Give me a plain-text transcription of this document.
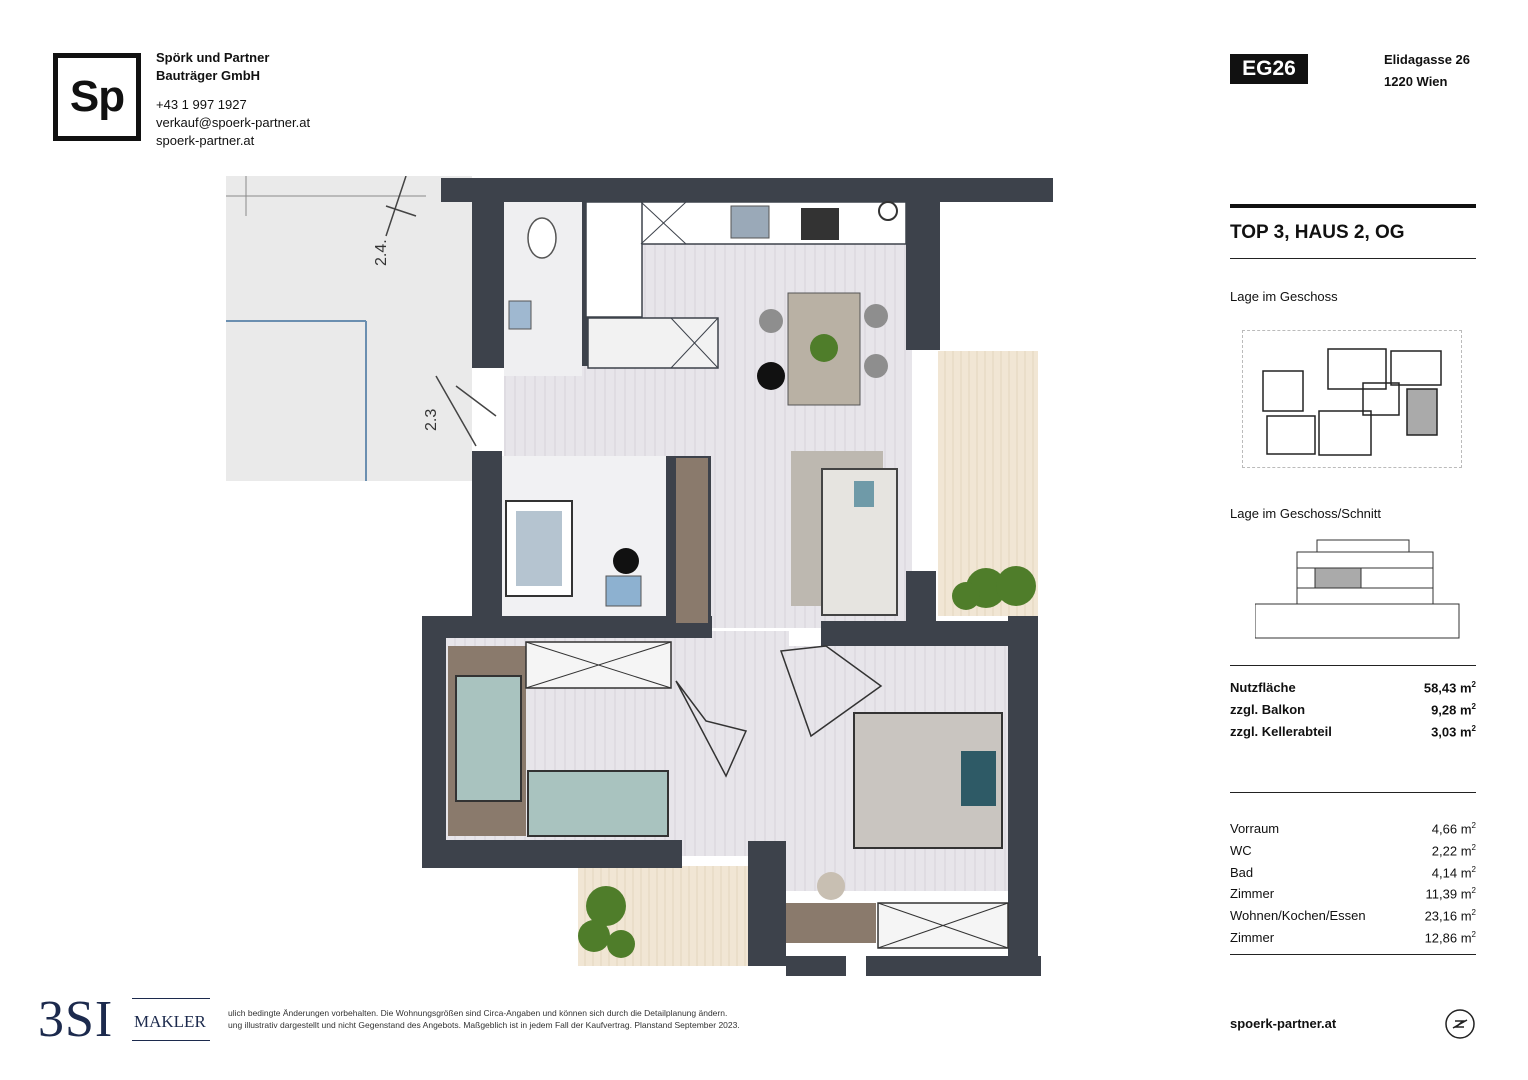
Sp
Spörk und Partner
Bauträger GmbH
+43 1 997 1927
verkauf@spoerk-partner.at
spoerk-partner.at
EG26	Elidagasse 26
1220 Wien
2.4.
2.3
TOP 3, HAUS 2, OG
Lage im Geschoss
Lage im Geschoss/Schnitt
Nutzfläche	58,43 $m^2$
zzgl. Balkon	9,28 $m^2$
zzgl. Kellerabteil	3,03 $m^2$
Vorraum	4,66 $m^2$
WC	2,22 $m^2$
Bad	4,14 $m^2$
Zimmer	11,39 $m^2$
Wohnen/Kochen/Essen	23,16 $m^2$
Zimmer	12,86 $m^2$
spoerk-partner.at
3SI MAKLER	ulich bedingte Änderungen vorbehalten. Die Wohnungsgrößen sind Circa-Angaben und können sich durch die Detailplanung ändern.
ung illustrativ dargestellt und nicht Gegenstand des Angebots. Maßgeblich ist in jedem Fall der Kaufvertrag. Planstand September 2023.
